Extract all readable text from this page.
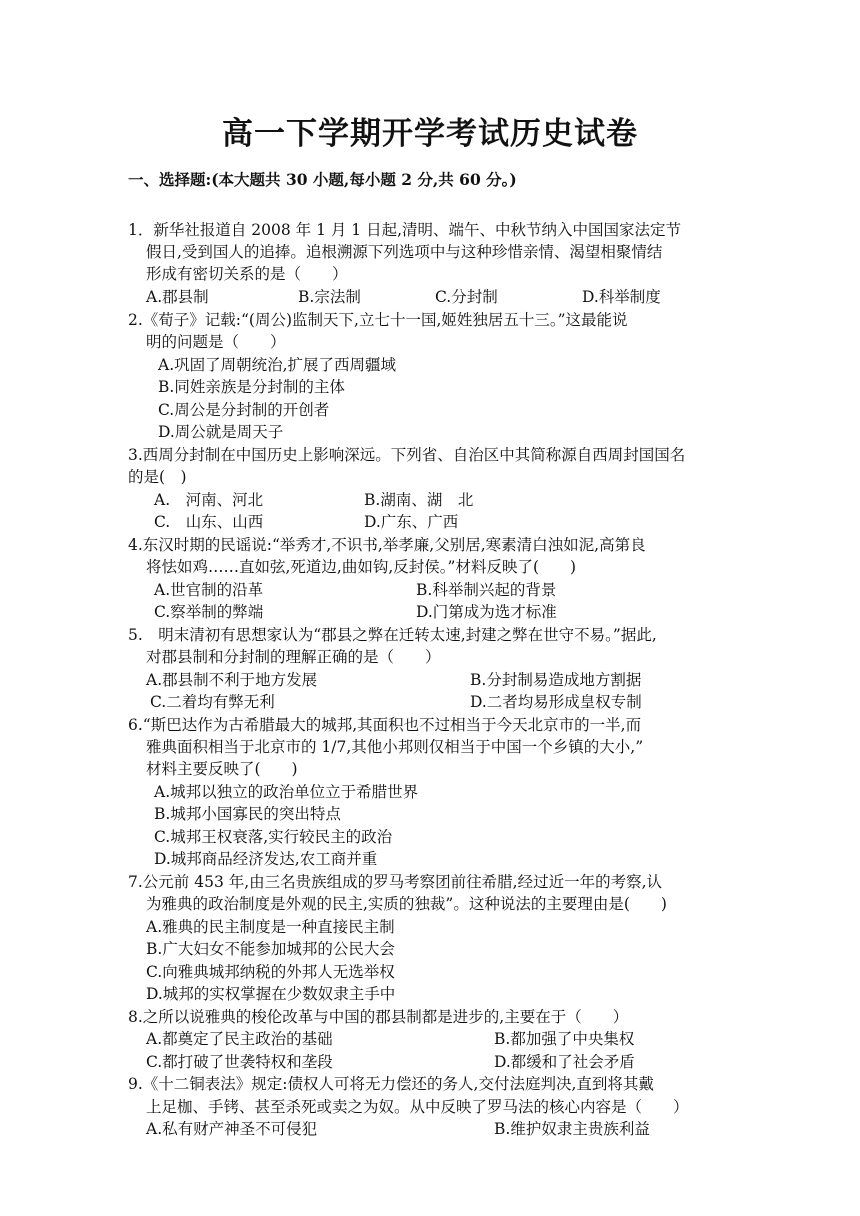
高一下学期开学考试历史试卷
一、选择题:(本大题共 30 小题,每小题 2 分,共 60 分。)
1．新华社报道自 2008 年 1 月 1 日起,清明、端午、中秋节纳入中国国家法定节
假日,受到国人的追捧。追根溯源下列选项中与这种珍惜亲情、渴望相聚情结
形成有密切关系的是（　　）
A.郡县制	B.宗法制	C.分封制	D.科举制度
2.《荀子》记载:“(周公)监制天下,立七十一国,姬姓独居五十三。”这最能说
明的问题是（　　）
A.巩固了周朝统治,扩展了西周疆域
B.同姓亲族是分封制的主体
C.周公是分封制的开创者
D.周公就是周天子
3.西周分封制在中国历史上影响深远。下列省、自治区中其简称源自西周封国国名
的是(　)
A.　河南、河北	B.湖南、湖　北
C.　山东、山西	D.广东、广西
4.东汉时期的民谣说:“举秀才,不识书,举孝廉,父别居,寒素清白浊如泥,高第良
将怯如鸡……直如弦,死道边,曲如钩,反封侯。”材料反映了(　　)
A.世官制的沿革	B.科举制兴起的背景
C.察举制的弊端	D.门第成为选才标准
5.　明末清初有思想家认为“郡县之弊在迁转太速,封建之弊在世守不易。”据此,
对郡县制和分封制的理解正确的是（　　）
A.郡县制不利于地方发展	B.分封制易造成地方割据
C.二着均有弊无利	D.二者均易形成皇权专制
6.“斯巴达作为古希腊最大的城邦,其面积也不过相当于今天北京市的一半,而
雅典面积相当于北京市的 1/7,其他小邦则仅相当于中国一个乡镇的大小,”
材料主要反映了(　　)
A.城邦以独立的政治单位立于希腊世界
B.城邦小国寡民的突出特点
C.城邦王权衰落,实行较民主的政治
D.城邦商品经济发达,农工商并重
7.公元前 453 年,由三名贵族组成的罗马考察团前往希腊,经过近一年的考察,认
为雅典的政治制度是外观的民主,实质的独裁”。这种说法的主要理由是(　　)
A.雅典的民主制度是一种直接民主制
B.广大妇女不能参加城邦的公民大会
C.向雅典城邦纳税的外邦人无选举权
D.城邦的实权掌握在少数奴隶主手中
8.之所以说雅典的梭伦改革与中国的郡县制都是进步的,主要在于（　　）
A.都奠定了民主政治的基础	B.都加强了中央集权
C.都打破了世袭特权和垄段	D.都缓和了社会矛盾
9.《十二铜表法》规定:债权人可将无力偿还的务人,交付法庭判决,直到将其戴
上足枷、手铐、甚至杀死或卖之为奴。从中反映了罗马法的核心内容是（　　）
A.私有财产神圣不可侵犯	B.维护奴隶主贵族利益
